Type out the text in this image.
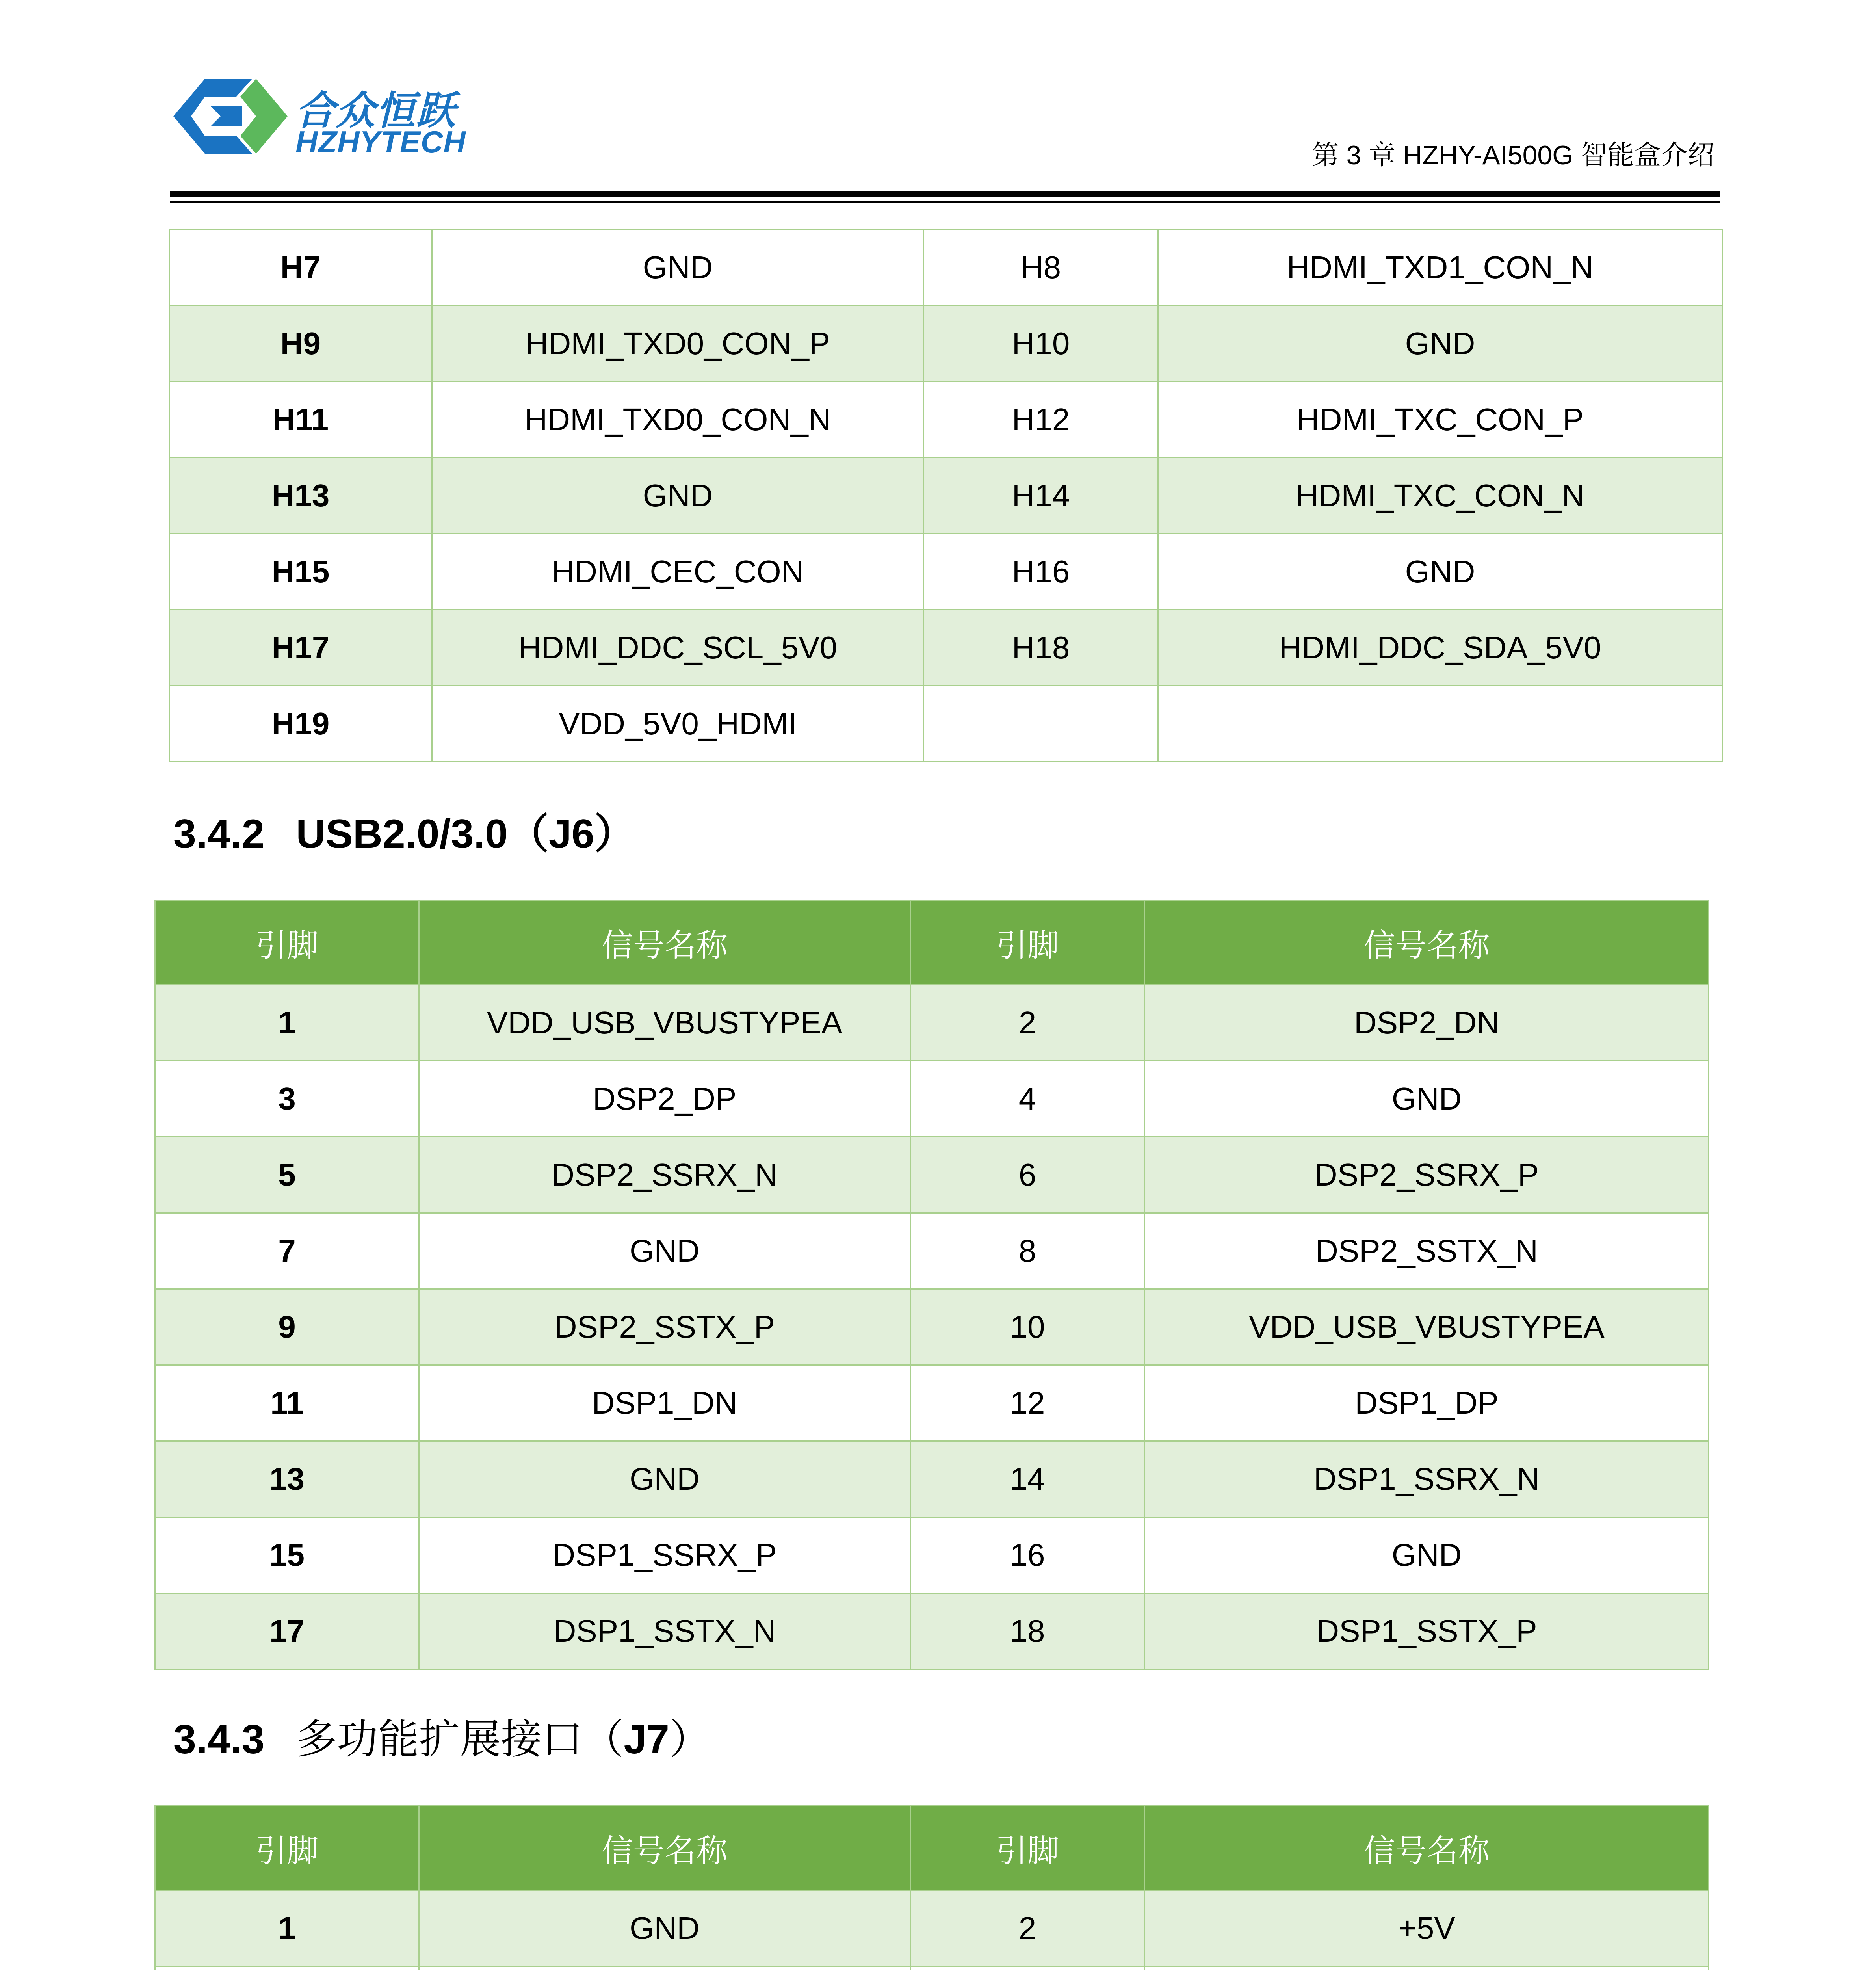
合众恒跃
HZHYTECH	第 3 章 HZHY-AI500G 智能盒介绍
H7	GND	H8	HDMI_TXD1_CON_N
H9	HDMI_TXD0_CON_P	H10	GND
H11	HDMI_TXD0_CON_N	H12	HDMI_TXC_CON_P
H13	GND	H14	HDMI_TXC_CON_N
H15	HDMI_CEC_CON	H16	GND
H17	HDMI_DDC_SCL_5V0	H18	HDMI_DDC_SDA_5V0
H19	VDD_5V0_HDMI		
3.4.2 USB2.0/3.0（J6）
引脚	信号名称	引脚	信号名称
1	VDD_USB_VBUSTYPEA	2	DSP2_DN
3	DSP2_DP	4	GND
5	DSP2_SSRX_N	6	DSP2_SSRX_P
7	GND	8	DSP2_SSTX_N
9	DSP2_SSTX_P	10	VDD_USB_VBUSTYPEA
11	DSP1_DN	12	DSP1_DP
13	GND	14	DSP1_SSRX_N
15	DSP1_SSRX_P	16	GND
17	DSP1_SSTX_N	18	DSP1_SSTX_P
3.4.3 多功能扩展接口（J7）
引脚	信号名称	引脚	信号名称
1	GND	2	+5V
